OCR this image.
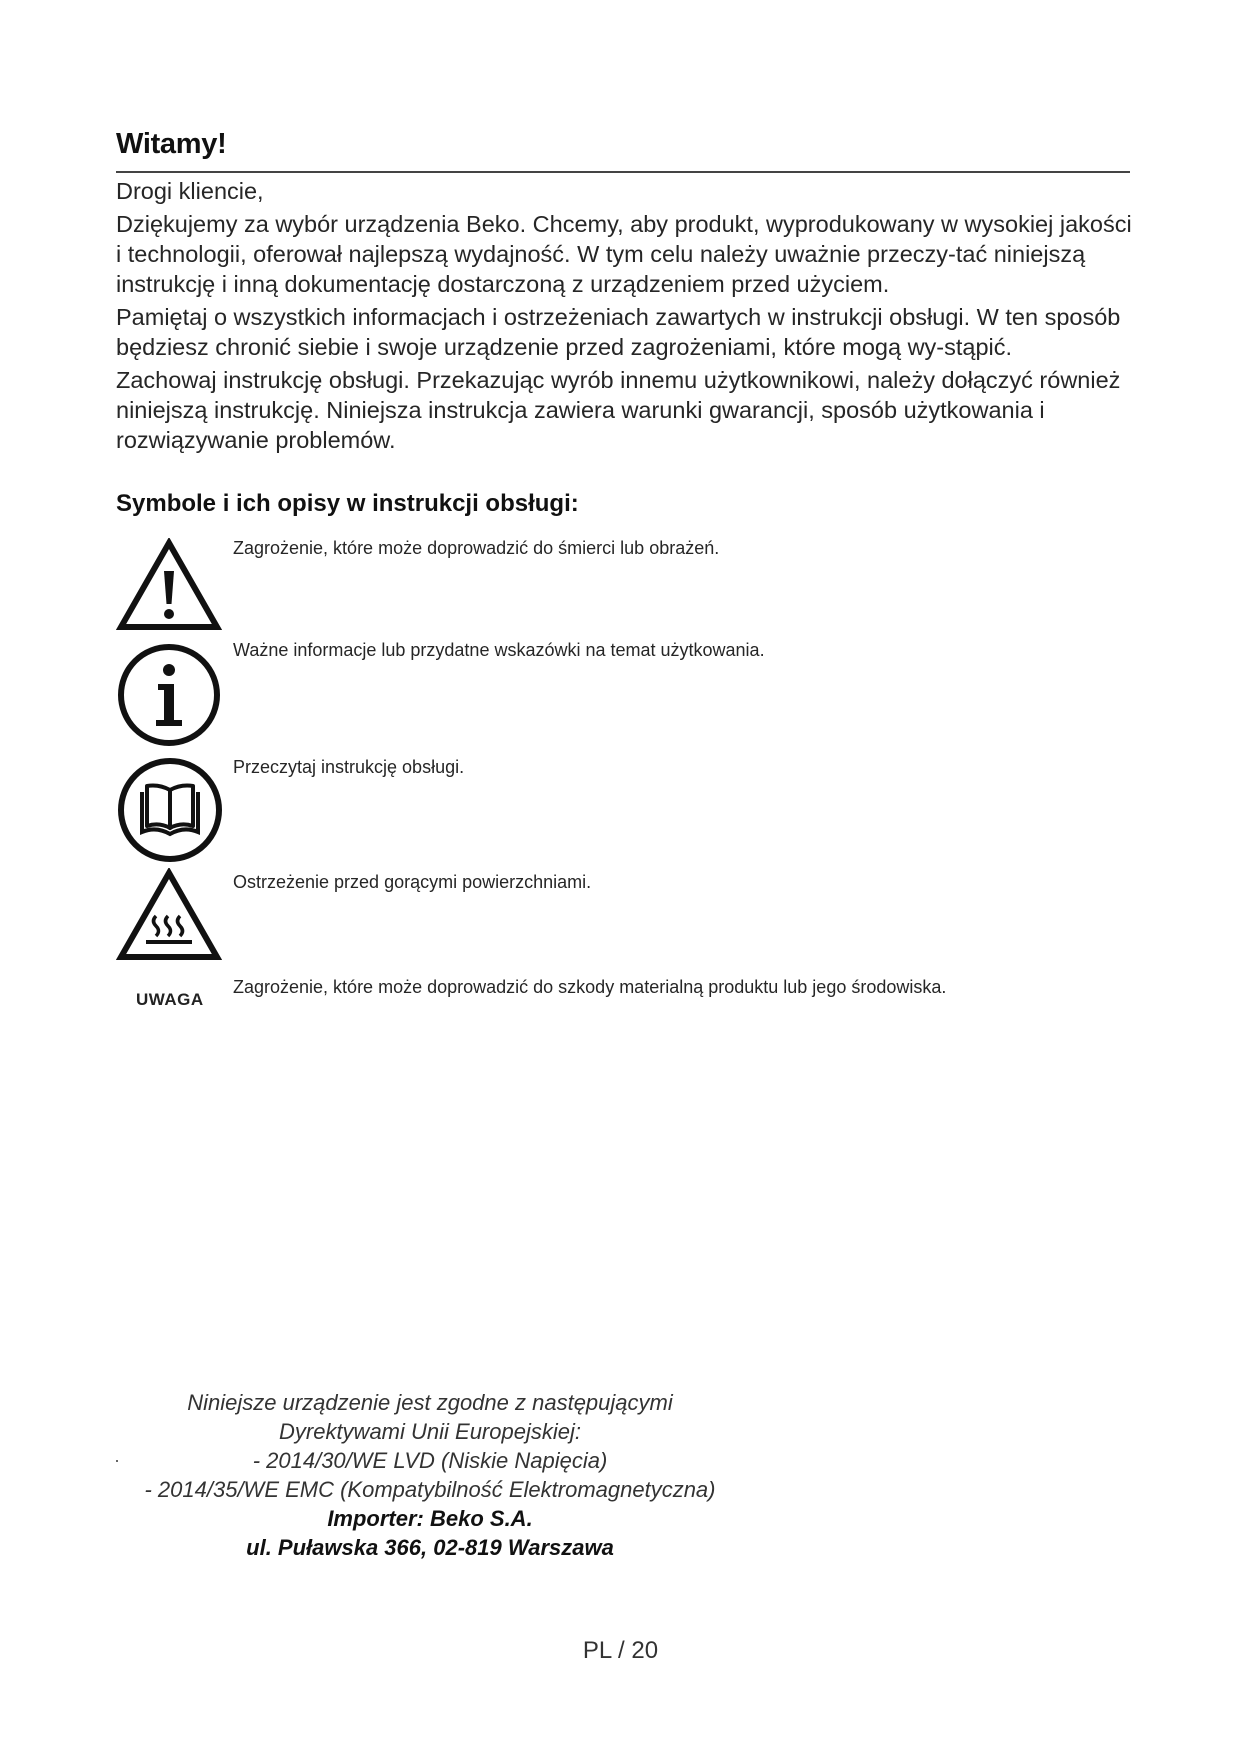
Witamy!

Drogi kliencie,

Dziękujemy za wybór urządzenia Beko. Chcemy, aby produkt, wyprodukowany w wysokiej jakości i technologii, oferował najlepszą wydajność. W tym celu należy uważnie przeczy-tać niniejszą instrukcję i inną dokumentację dostarczoną z urządzeniem przed użyciem.

Pamiętaj o wszystkich informacjach i ostrzeżeniach zawartych w instrukcji obsługi. W ten sposób będziesz chronić siebie i swoje urządzenie przed zagrożeniami, które mogą wy-stąpić.

Zachowaj instrukcję obsługi. Przekazując wyrób innemu użytkownikowi, należy dołączyć również niniejszą instrukcję. Niniejsza instrukcja zawiera warunki gwarancji, sposób użytkowania i rozwiązywanie problemów.

Symbole i ich opisy w instrukcji obsługi:
Zagrożenie, które może doprowadzić do śmierci lub obrażeń.
Ważne informacje lub przydatne wskazówki na temat użytkowania.
Przeczytaj instrukcję obsługi.
Ostrzeżenie przed gorącymi powierzchniami.
UWAGA
Zagrożenie, które może doprowadzić do szkody materialną produktu lub jego środowiska.
Niniejsze urządzenie jest zgodne z następującymi
Dyrektywami Unii Europejskiej:
- 2014/30/WE LVD (Niskie Napięcia)
- 2014/35/WE EMC (Kompatybilność Elektromagnetyczna)
Importer: Beko S.A.
ul. Puławska 366, 02-819 Warszawa
PL / 20
